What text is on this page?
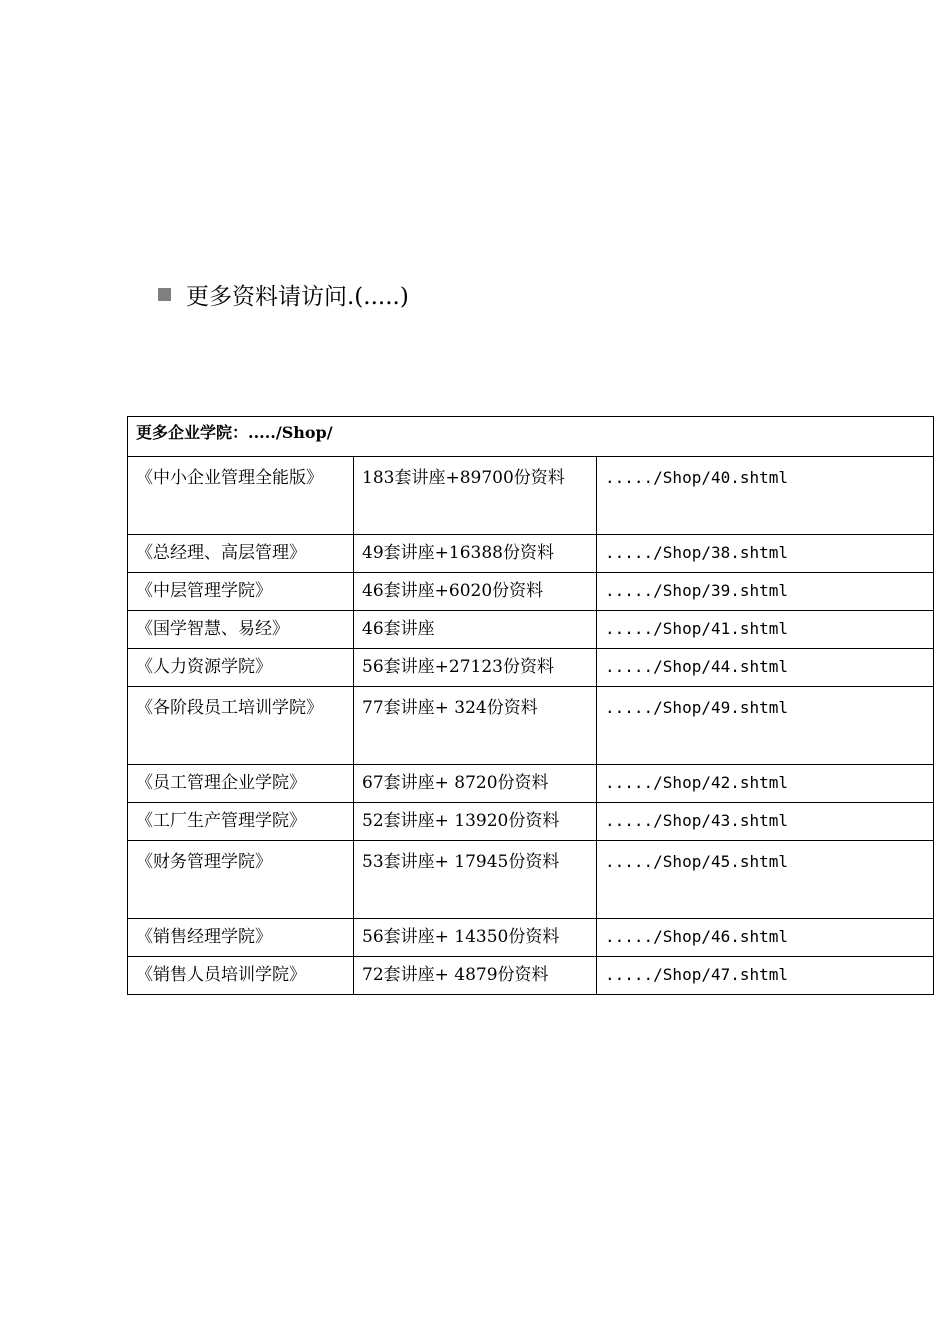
更多资料请访问.(.....)
更多企业学院：...../Shop/		
《中小企业管理全能版》	183套讲座+89700份资料	...../Shop/40.shtml
《总经理、高层管理》	49套讲座+16388份资料	...../Shop/38.shtml
《中层管理学院》	46套讲座+6020份资料	...../Shop/39.shtml
《国学智慧、易经》	46套讲座	...../Shop/41.shtml
《人力资源学院》	56套讲座+27123份资料	...../Shop/44.shtml
《各阶段员工培训学院》	77套讲座+ 324份资料	...../Shop/49.shtml
《员工管理企业学院》	67套讲座+ 8720份资料	...../Shop/42.shtml
《工厂生产管理学院》	52套讲座+ 13920份资料	...../Shop/43.shtml
《财务管理学院》	53套讲座+ 17945份资料	...../Shop/45.shtml
《销售经理学院》	56套讲座+ 14350份资料	...../Shop/46.shtml
《销售人员培训学院》	72套讲座+ 4879份资料	...../Shop/47.shtml
